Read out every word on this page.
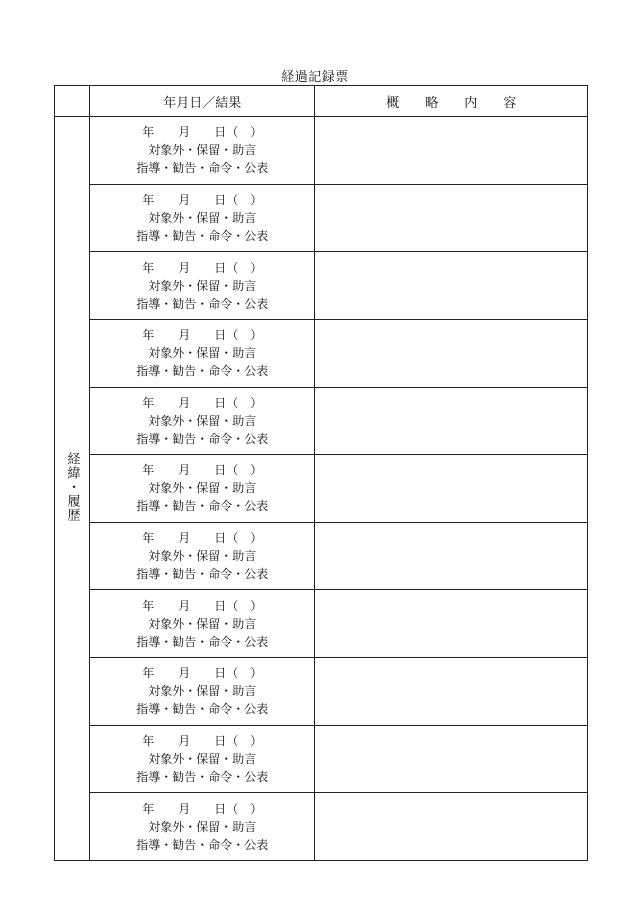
経過記録票
	年月日／結果	概　　略　　内　　容
経緯・履歴	年　　月　　日（　）
対象外・保留・助言
指導・勧告・命令・公表	

	年　　月　　日（　）
対象外・保留・助言
指導・勧告・命令・公表	

	年　　月　　日（　）
対象外・保留・助言
指導・勧告・命令・公表	

	年　　月　　日（　）
対象外・保留・助言
指導・勧告・命令・公表	

	年　　月　　日（　）
対象外・保留・助言
指導・勧告・命令・公表	

	年　　月　　日（　）
対象外・保留・助言
指導・勧告・命令・公表	

	年　　月　　日（　）
対象外・保留・助言
指導・勧告・命令・公表	

	年　　月　　日（　）
対象外・保留・助言
指導・勧告・命令・公表	

	年　　月　　日（　）
対象外・保留・助言
指導・勧告・命令・公表	

	年　　月　　日（　）
対象外・保留・助言
指導・勧告・命令・公表	

	年　　月　　日（　）
対象外・保留・助言
指導・勧告・命令・公表	
